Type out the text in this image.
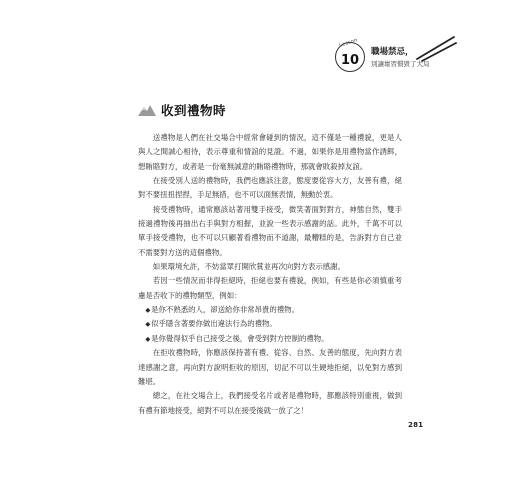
Lesson
10
職場禁忌，
別讓壞習慣毀了大局
收到禮物時

送禮物是人們在社交場合中經常會碰到的情況，這不僅是一種禮貌，更是人與人之間誠心相待，表示尊重和情誼的見證。不過，如果你是用禮物當作誘餌，想賄賂對方，或者是一份毫無誠意的賄賂禮物時，那就會敗殺掉友誼。

在接受別人送的禮物時，我們也應該注意，態度要從容大方，友善有禮，絕對不要扭扭捏捏，手足無措，也不可以面無表情，無動於衷。

接受禮物時，通常應該站著用雙手接受，微笑著面對對方，神態自然，雙手接過禮物後再抽出右手與對方相握，並說一些表示感謝的話。此外，千萬不可以單手接受禮物，也不可以只顧著看禮物而不道謝，最糟糕的是，告訴對方自己並不需要對方送的這個禮物。

如果環境允許，不妨當眾打開欣賞並再次向對方表示感謝。

若因一些情況而非得拒絕時，拒絕也要有禮貌，例如，有些是你必須慎重考慮是否收下的禮物類型，例如：

◆是你不熟悉的人，卻送給你非常昂貴的禮物。

◆似乎隱含著要你做出違法行為的禮物。

◆是你覺得似乎自己接受之後，會受到對方控制的禮物。

在拒收禮物時，你應該保持著有禮、從容、自然、友善的態度，先向對方表達感謝之意，再向對方說明拒收的原因，切記不可以生硬地拒絕，以免對方感到難堪。

總之，在社交場合上，我們接受名片或者是禮物時，都應該特別重視，做到有禮有節地接受，絕對不可以在接受後就一放了之！

281
